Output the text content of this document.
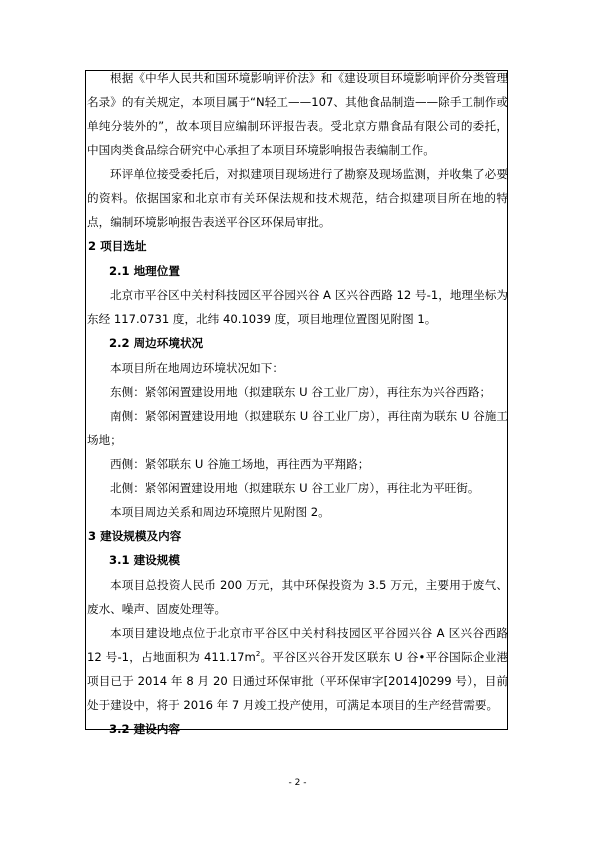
根据《中华人民共和国环境影响评价法》和《建设项目环境影响评价分类管理名录》的有关规定，本项目属于“N轻工——107、其他食品制造——除手工制作或单纯分装外的”，故本项目应编制环评报告表。受北京方鼎食品有限公司的委托，中国肉类食品综合研究中心承担了本项目环境影响报告表编制工作。

环评单位接受委托后，对拟建项目现场进行了勘察及现场监测，并收集了必要的资料。依据国家和北京市有关环保法规和技术规范，结合拟建项目所在地的特点，编制环境影响报告表送平谷区环保局审批。

2 项目选址
2.1 地理位置

北京市平谷区中关村科技园区平谷园兴谷 A 区兴谷西路 12 号-1，地理坐标为东经 117.0731 度，北纬 40.1039 度，项目地理位置图见附图 1。

2.2 周边环境状况

本项目所在地周边环境状况如下：

东侧：紧邻闲置建设用地（拟建联东 U 谷工业厂房），再往东为兴谷西路；

南侧：紧邻闲置建设用地（拟建联东 U 谷工业厂房），再往南为联东 U 谷施工场地；

西侧：紧邻联东 U 谷施工场地，再往西为平翔路；

北侧：紧邻闲置建设用地（拟建联东 U 谷工业厂房），再往北为平旺街。

本项目周边关系和周边环境照片见附图 2。

3 建设规模及内容
3.1 建设规模

本项目总投资人民币 200 万元，其中环保投资为 3.5 万元，主要用于废气、废水、噪声、固废处理等。

本项目建设地点位于北京市平谷区中关村科技园区平谷园兴谷 A 区兴谷西路 12 号-1，占地面积为 $411.17m^2$。平谷区兴谷开发区联东 U 谷•平谷国际企业港项目已于 2014 年 8 月 20 日通过环保审批（平环保审字[2014]0299 号），目前处于建设中，将于 2016 年 7 月竣工投产使用，可满足本项目的生产经营需要。

3.2 建设内容
- 2 -
